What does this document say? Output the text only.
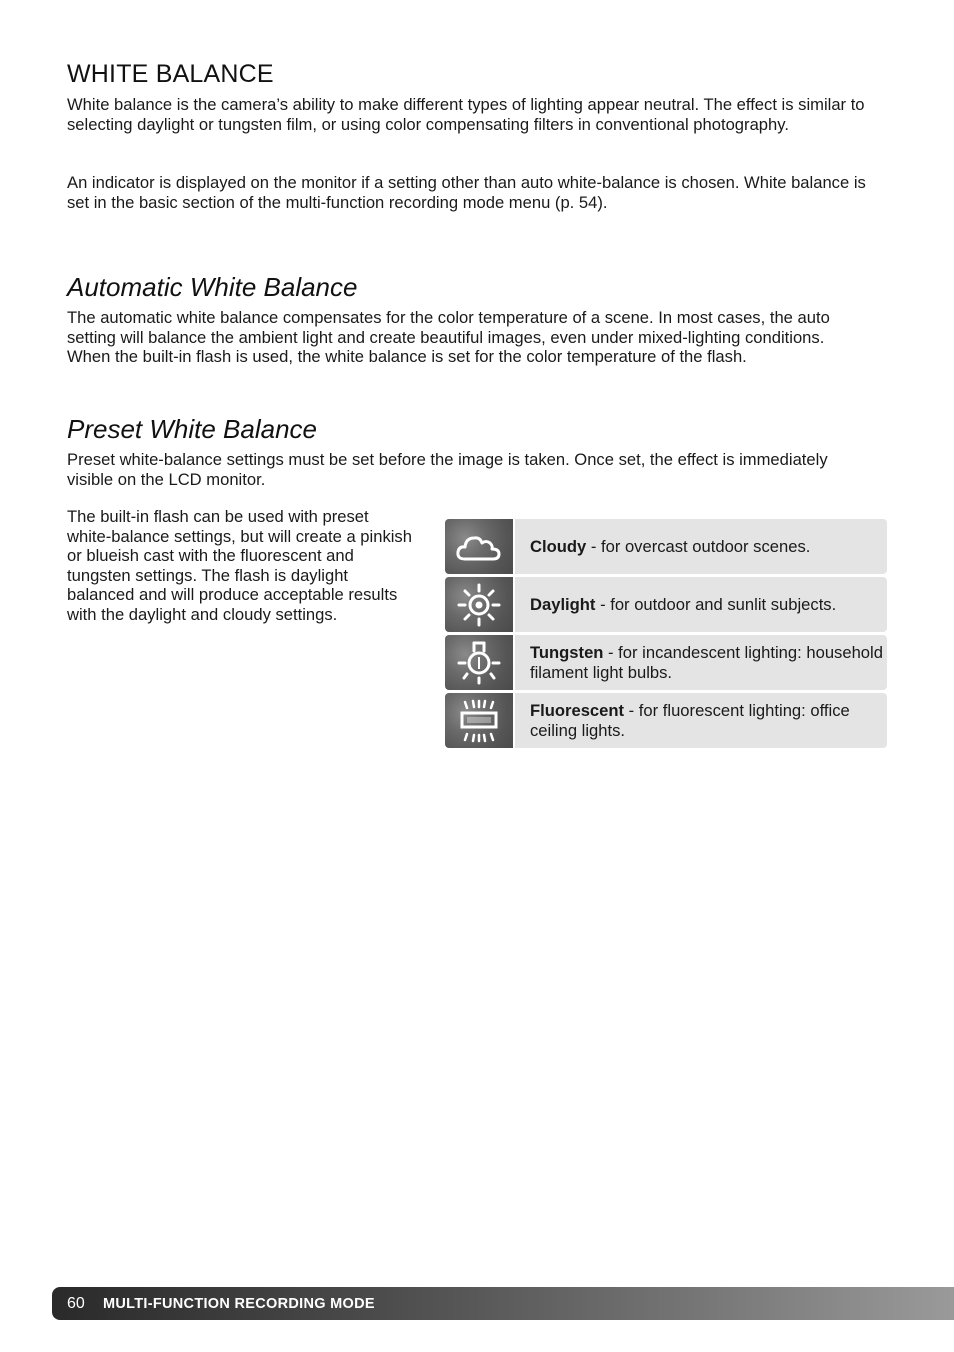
WHITE BALANCE

White balance is the camera’s ability to make different types of lighting appear neutral. The effect is similar to selecting daylight or tungsten film, or using color compensating filters in conventional photography.

An indicator is displayed on the monitor if a setting other than auto white-balance is chosen. White balance is set in the basic section of the multi-function recording mode menu (p. 54).

Automatic White Balance

The automatic white balance compensates for the color temperature of a scene. In most cases, the auto setting will balance the ambient light and create beautiful images, even under mixed-lighting conditions. When the built-in flash is used, the white balance is set for the color temperature of the flash.

Preset White Balance

Preset white-balance settings must be set before the image is taken. Once set, the effect is immediately visible on the LCD monitor.

The built-in flash can be used with preset white-balance settings, but will create a pinkish or blueish cast with the fluorescent and tungsten settings. The flash is daylight balanced and will produce acceptable results with the daylight and cloudy settings.

Cloudy - for overcast outdoor scenes.
Daylight - for outdoor and sunlit subjects.
Tungsten - for incandescent lighting: household filament light bulbs.
Fluorescent - for fluorescent lighting: office ceiling lights.
60	MULTI-FUNCTION RECORDING MODE
